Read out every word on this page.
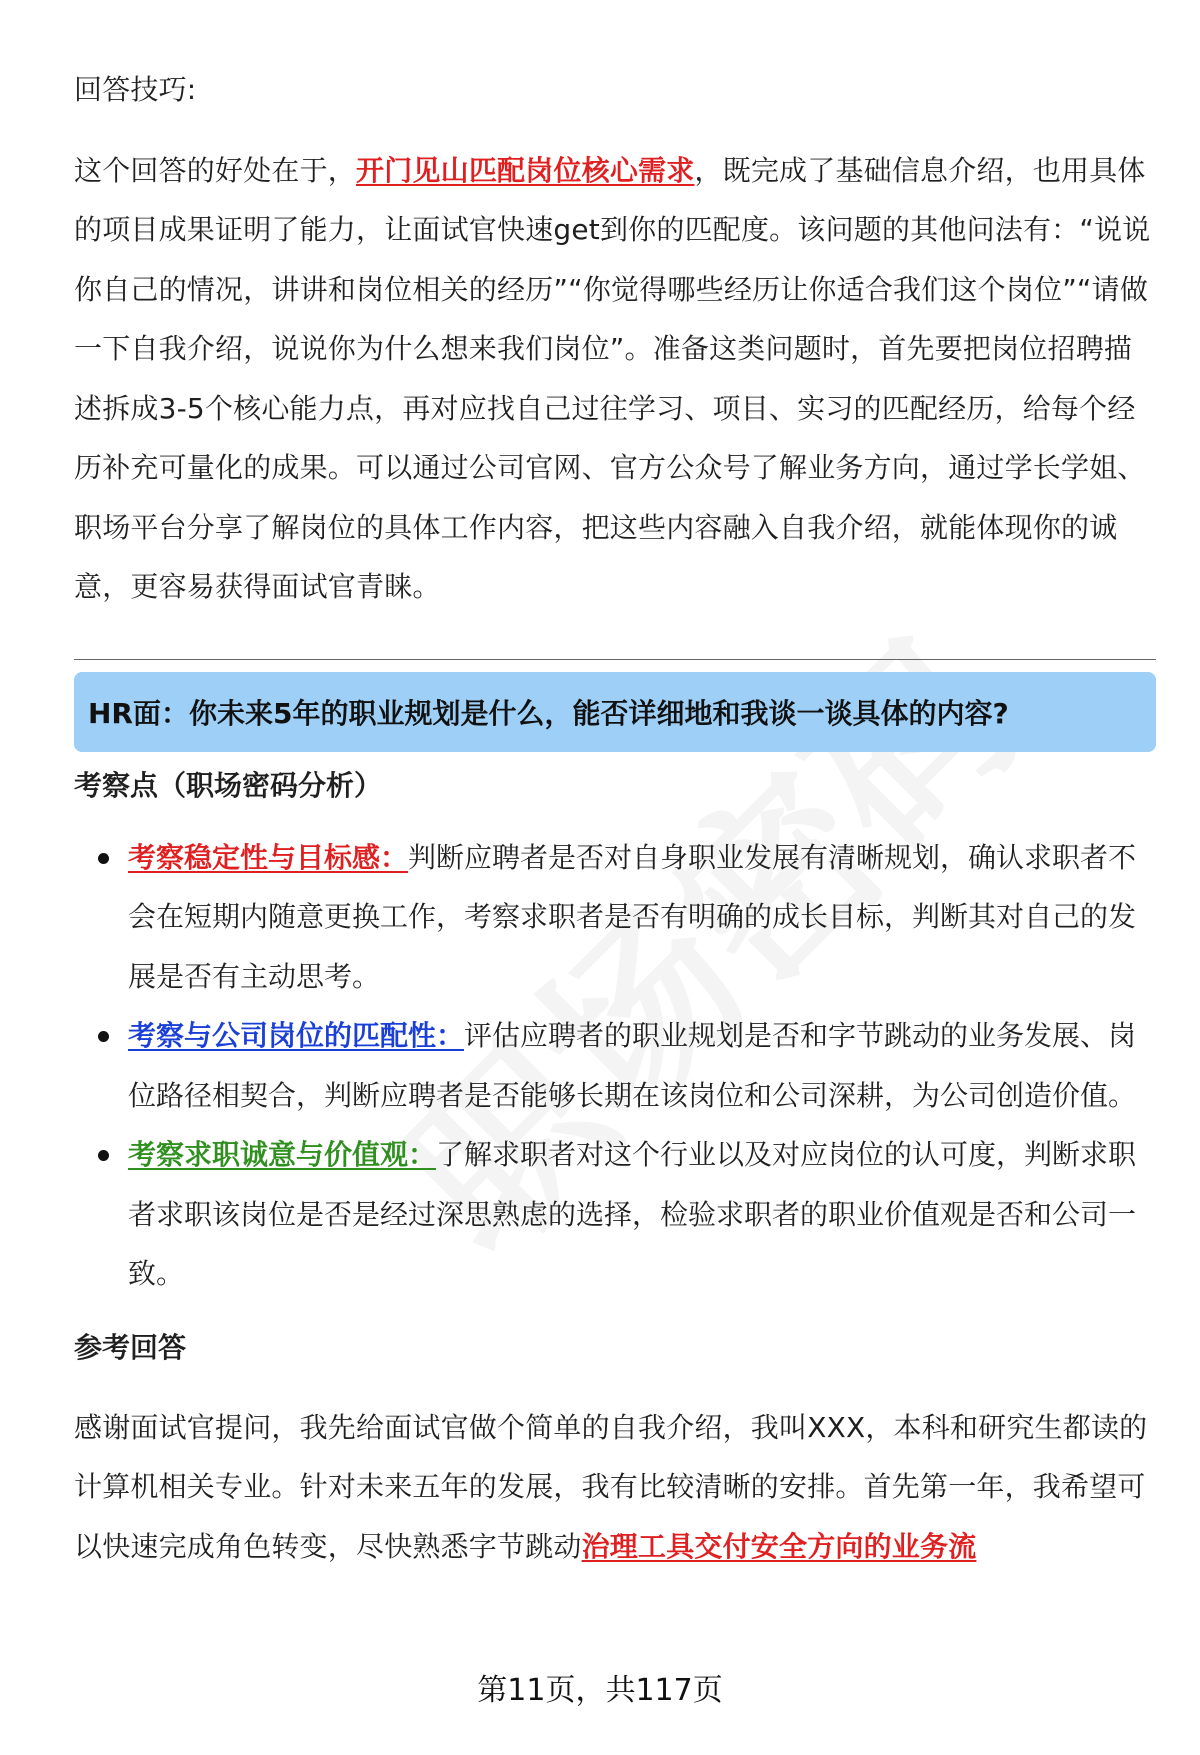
回答技巧:

这个回答的好处在于，开门见山匹配岗位核心需求，既完成了基础信息介绍，也用具体的项目成果证明了能力，让面试官快速get到你的匹配度。该问题的其他问法有：“说说你自己的情况，讲讲和岗位相关的经历”“你觉得哪些经历让你适合我们这个岗位”“请做一下自我介绍，说说你为什么想来我们岗位”。准备这类问题时，首先要把岗位招聘描述拆成3-5个核心能力点，再对应找自己过往学习、项目、实习的匹配经历，给每个经历补充可量化的成果。可以通过公司官网、官方公众号了解业务方向，通过学长学姐、职场平台分享了解岗位的具体工作内容，把这些内容融入自我介绍，就能体现你的诚意，更容易获得面试官青睐。

HR面：你未来5年的职业规划是什么，能否详细地和我谈一谈具体的内容?

考察点（职场密码分析）

考察稳定性与目标感：判断应聘者是否对自身职业发展有清晰规划，确认求职者不会在短期内随意更换工作，考察求职者是否有明确的成长目标，判断其对自己的发展是否有主动思考。
考察与公司岗位的匹配性：评估应聘者的职业规划是否和字节跳动的业务发展、岗位路径相契合，判断应聘者是否能够长期在该岗位和公司深耕，为公司创造价值。
考察求职诚意与价值观：了解求职者对这个行业以及对应岗位的认可度，判断求职者求职该岗位是否是经过深思熟虑的选择，检验求职者的职业价值观是否和公司一致。

参考回答

感谢面试官提问，我先给面试官做个简单的自我介绍，我叫XXX，本科和研究生都读的计算机相关专业。针对未来五年的发展，我有比较清晰的安排。首先第一年，我希望可以快速完成角色转变，尽快熟悉字节跳动治理工具交付安全方向的业务流

第11页，共117页
